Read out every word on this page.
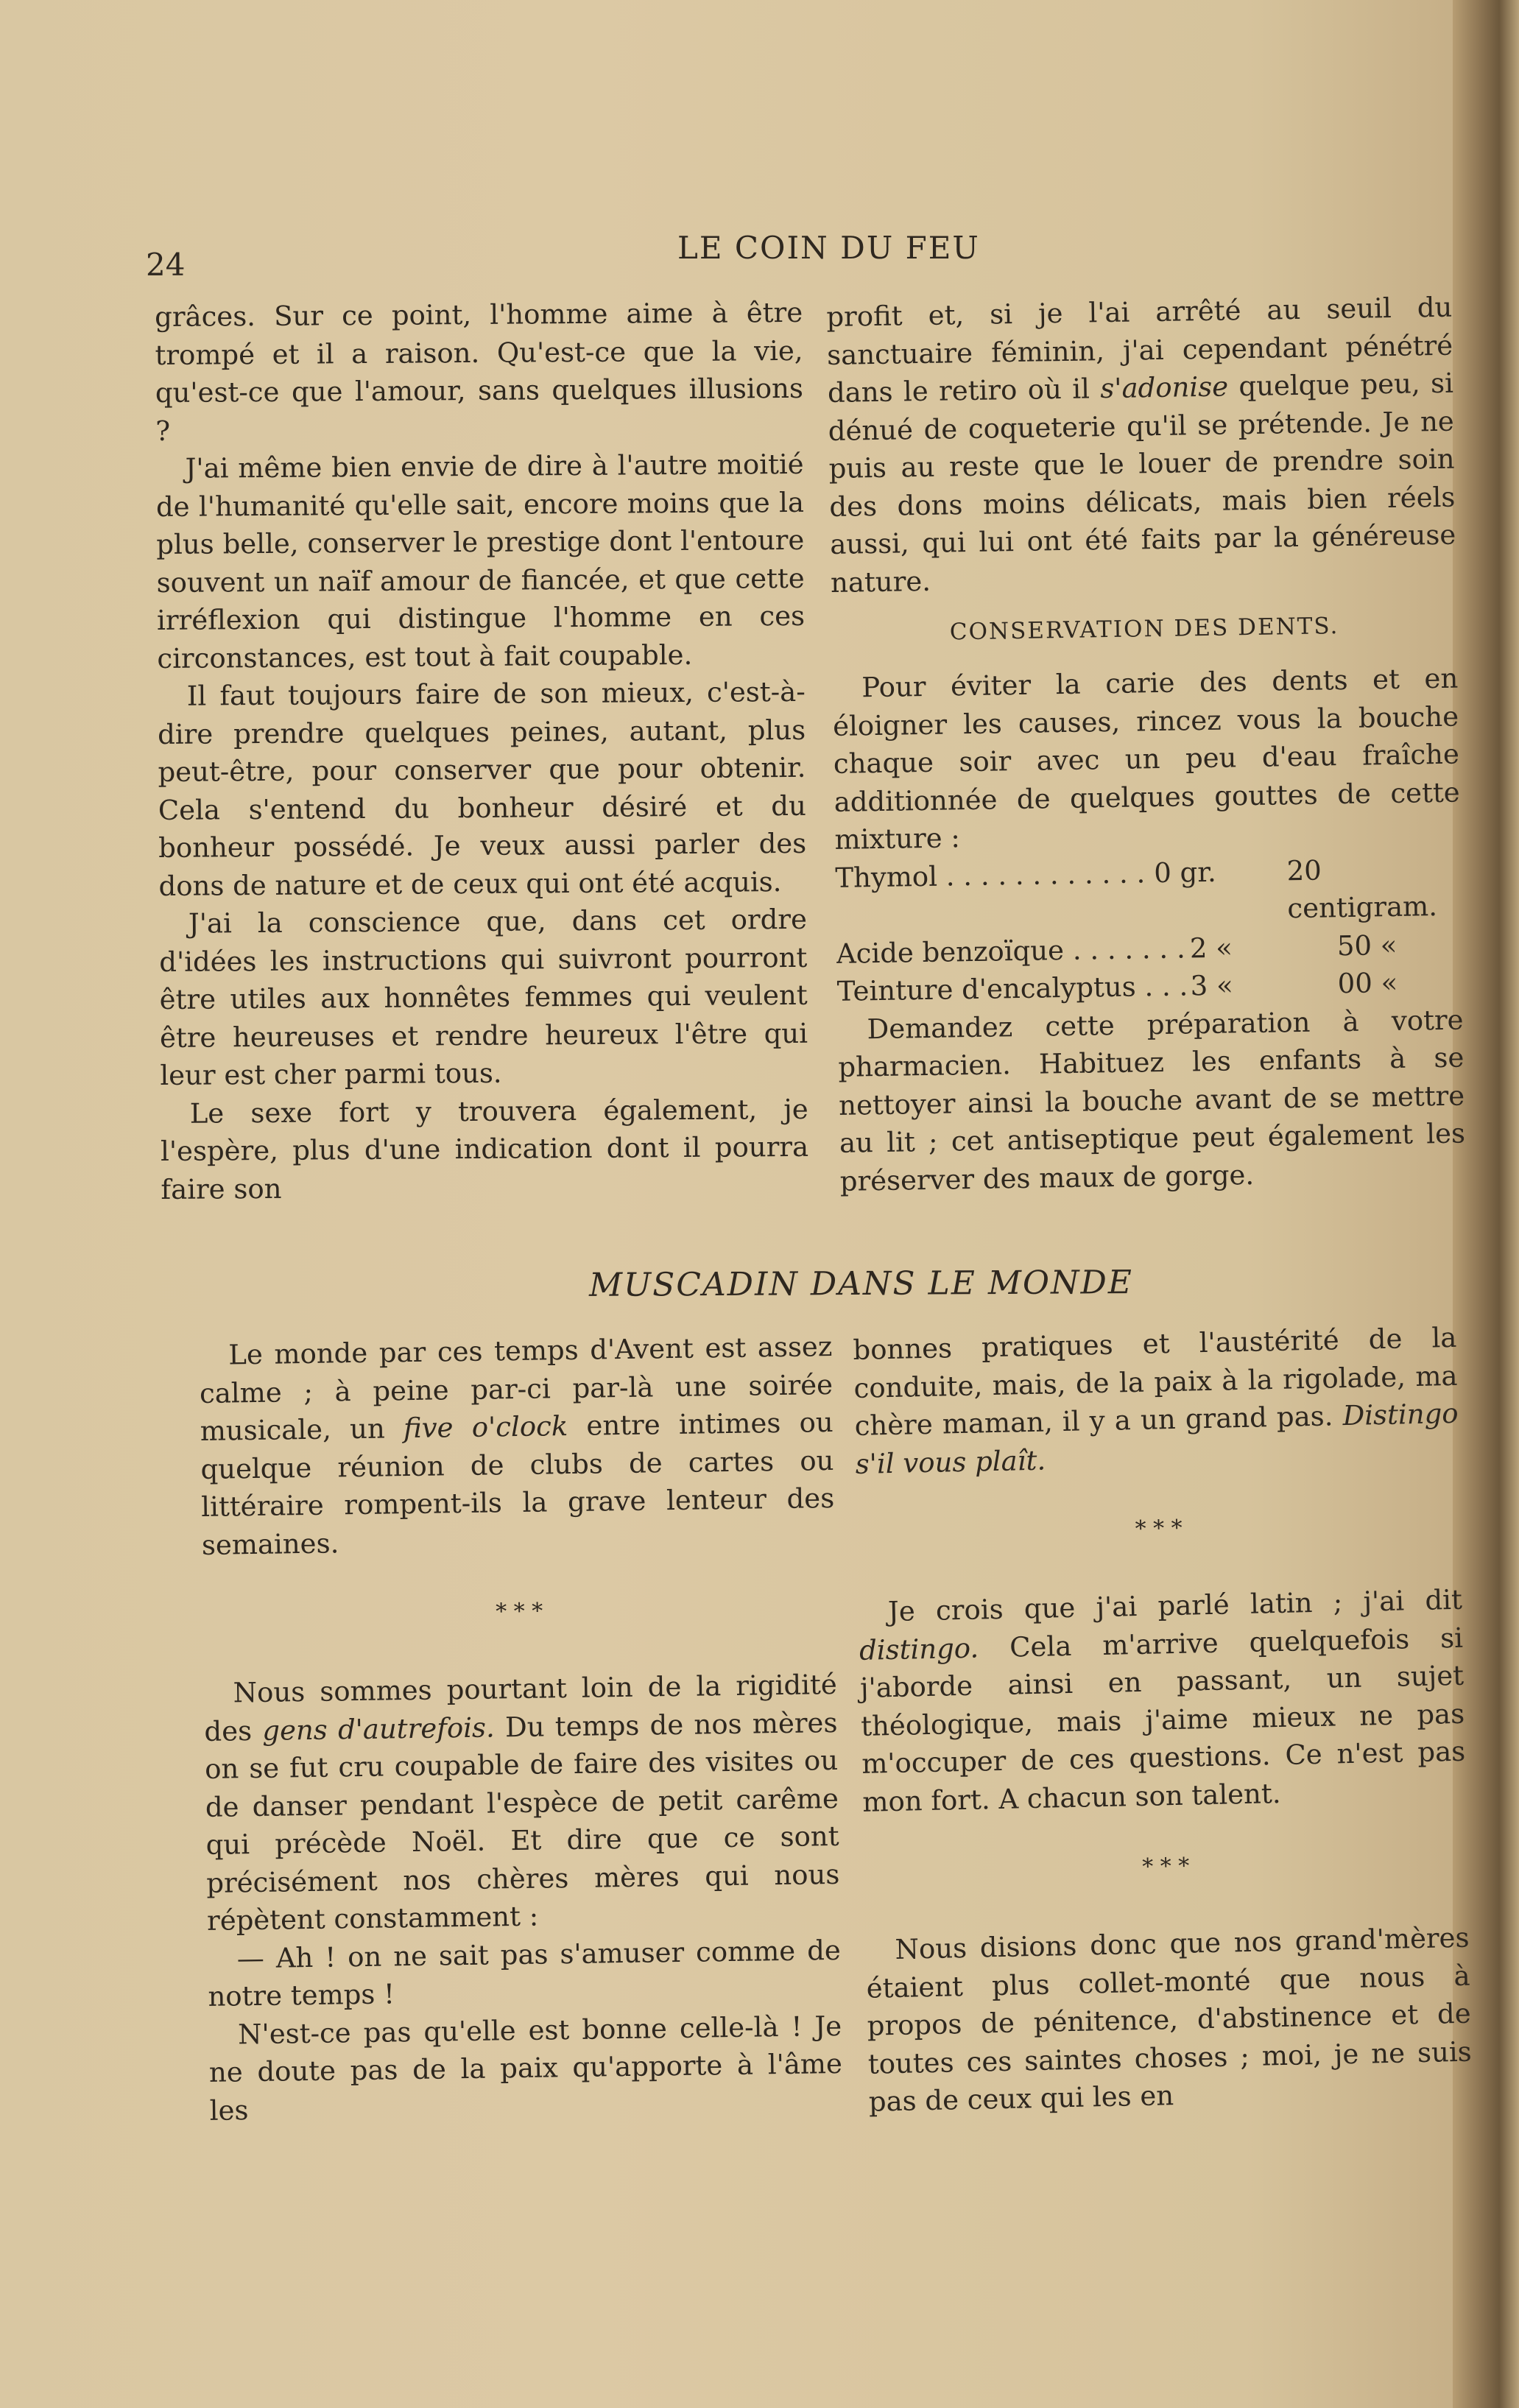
24	LE COIN DU FEU

grâces. Sur ce point, l'homme aime à être trompé et il a raison. Qu'est-ce que la vie, qu'est-ce que l'amour, sans quelques illusions ?

J'ai même bien envie de dire à l'autre moitié de l'humanité qu'elle sait, encore moins que la plus belle, conserver le prestige dont l'entoure souvent un naïf amour de fiancée, et que cette irréflexion qui distingue l'homme en ces circonstances, est tout à fait coupable.

Il faut toujours faire de son mieux, c'est-à-dire prendre quelques peines, autant, plus peut-être, pour conserver que pour obtenir. Cela s'entend du bonheur désiré et du bonheur possédé. Je veux aussi parler des dons de nature et de ceux qui ont été acquis.

J'ai la conscience que, dans cet ordre d'idées les instructions qui suivront pourront être utiles aux honnêtes femmes qui veulent être heureuses et rendre heureux l'être qui leur est cher parmi tous.

Le sexe fort y trouvera également, je l'espère, plus d'une indication dont il pourra faire son

profit et, si je l'ai arrêté au seuil du sanctuaire féminin, j'ai cependant pénétré dans le retiro où il s'adonise quelque peu, si dénué de coqueterie qu'il se prétende. Je ne puis au reste que le louer de prendre soin des dons moins délicats, mais bien réels aussi, qui lui ont été faits par la généreuse nature.

CONSERVATION DES DENTS.

Pour éviter la carie des dents et en éloigner les causes, rincez vous la bouche chaque soir avec un peu d'eau fraîche additionnée de quelques gouttes de cette mixture :

Thymol . . .	0 gr.	20 centigram.
Acide benzoïque . . .	2 «	50 «
Teinture d'encalyptus . . .	3 «	00 «

Demandez cette préparation à votre pharmacien. Habituez les enfants à se nettoyer ainsi la bouche avant de se mettre au lit ; cet antiseptique peut également les préserver des maux de gorge.

MUSCADIN DANS LE MONDE

Le monde par ces temps d'Avent est assez calme ; à peine par-ci par-là une soirée musicale, un five o'clock entre intimes ou quelque réunion de clubs de cartes ou littéraire rompent-ils la grave lenteur des semaines.

* * *

Nous sommes pourtant loin de la rigidité des gens d'autrefois. Du temps de nos mères on se fut cru coupable de faire des visites ou de danser pendant l'espèce de petit carême qui précède Noël. Et dire que ce sont précisément nos chères mères qui nous répètent constamment :

— Ah ! on ne sait pas s'amuser comme de notre temps !

N'est-ce pas qu'elle est bonne celle-là ! Je ne doute pas de la paix qu'apporte à l'âme les

bonnes pratiques et l'austérité de la conduite, mais, de la paix à la rigolade, ma chère maman, il y a un grand pas. Distingo s'il vous plaît.

* * *

Je crois que j'ai parlé latin ; j'ai dit distingo. Cela m'arrive quelquefois si j'aborde ainsi en passant, un sujet théologique, mais j'aime mieux ne pas m'occuper de ces questions. Ce n'est pas mon fort. A chacun son talent.

* * *

Nous disions donc que nos grand'mères étaient plus collet-monté que nous à propos de pénitence, d'abstinence et de toutes ces saintes choses ; moi, je ne suis pas de ceux qui les en
